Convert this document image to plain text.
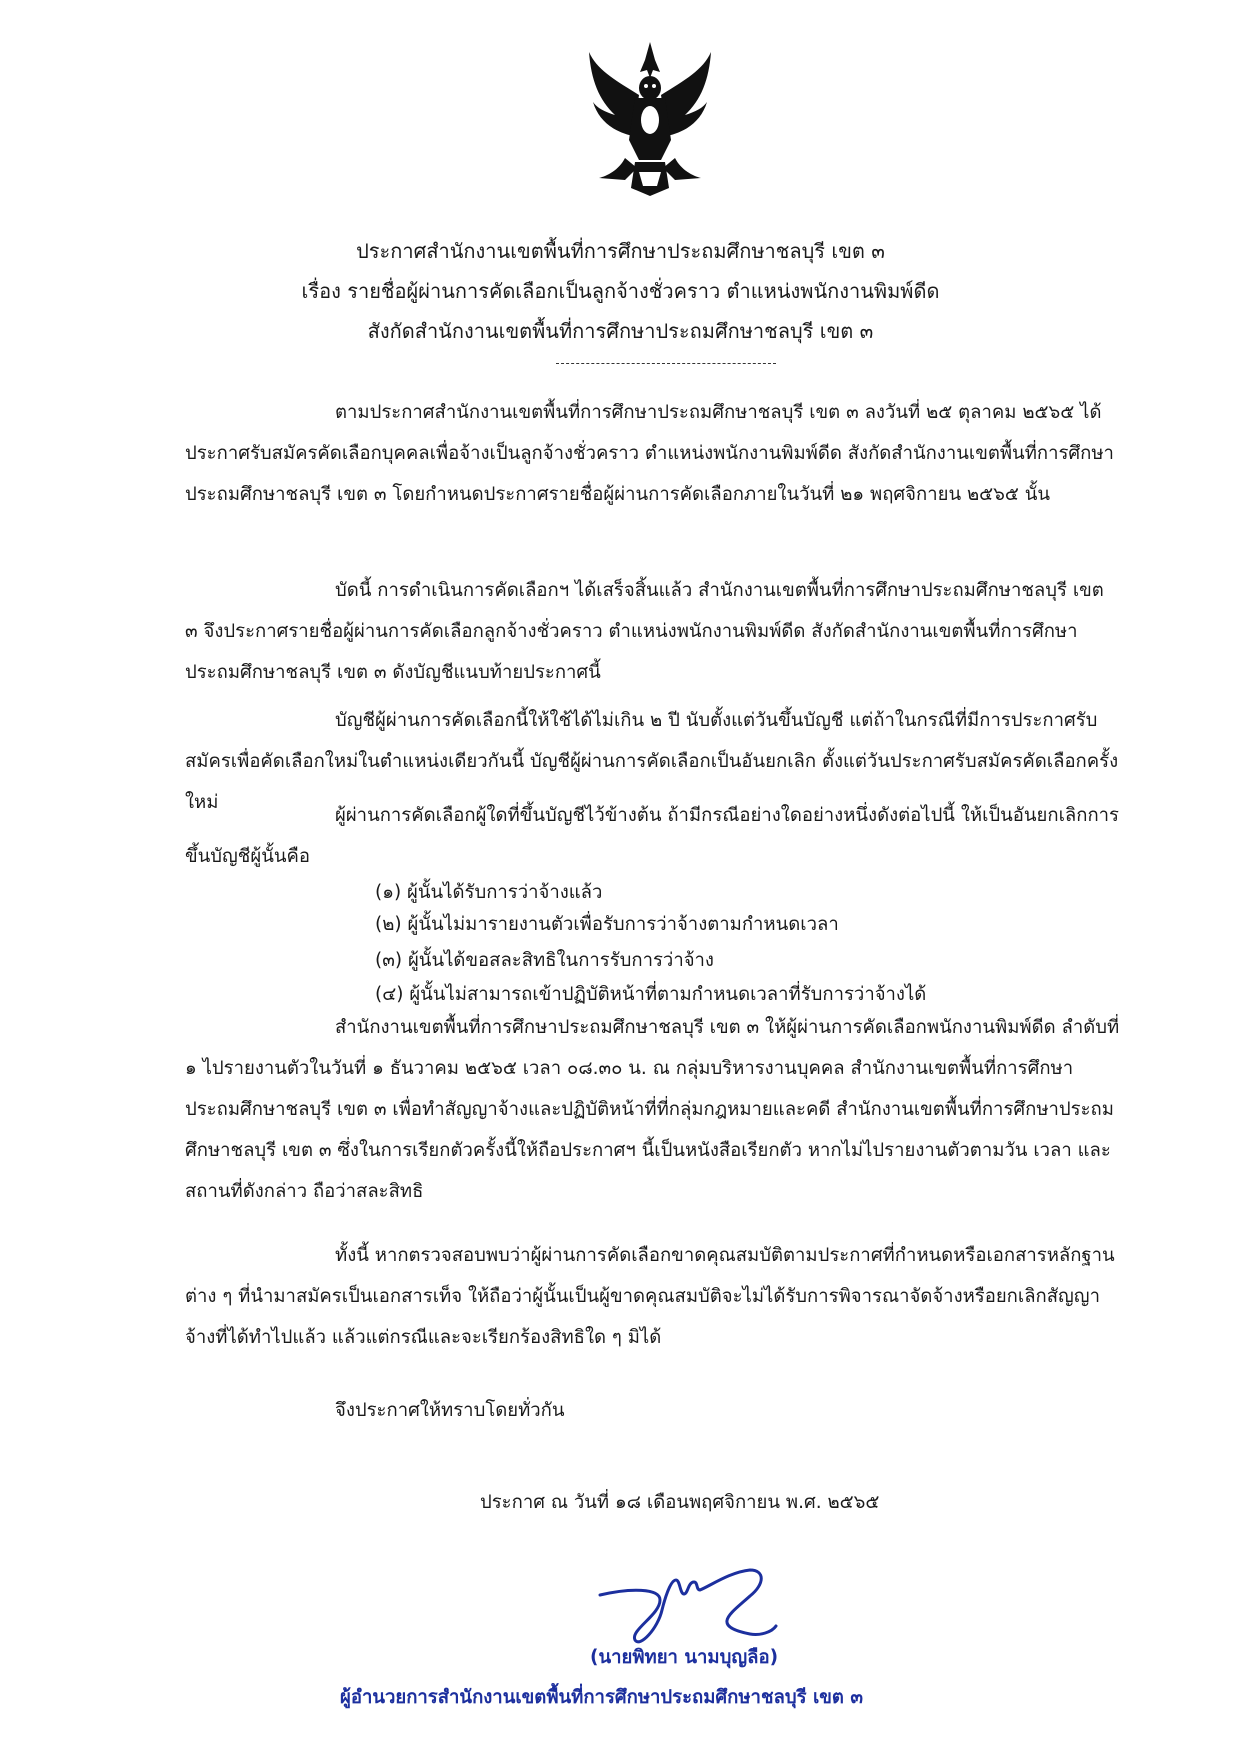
ประกาศสำนักงานเขตพื้นที่การศึกษาประถมศึกษาชลบุรี เขต ๓
เรื่อง รายชื่อผู้ผ่านการคัดเลือกเป็นลูกจ้างชั่วคราว ตำแหน่งพนักงานพิมพ์ดีด
สังกัดสำนักงานเขตพื้นที่การศึกษาประถมศึกษาชลบุรี เขต ๓
ตามประกาศสำนักงานเขตพื้นที่การศึกษาประถมศึกษาชลบุรี เขต ๓ ลงวันที่ ๒๕ ตุลาคม ๒๕๖๕ ได้ประกาศรับสมัครคัดเลือกบุคคลเพื่อจ้างเป็นลูกจ้างชั่วคราว ตำแหน่งพนักงานพิมพ์ดีด สังกัดสำนักงานเขตพื้นที่การศึกษาประถมศึกษาชลบุรี เขต ๓ โดยกำหนดประกาศรายชื่อผู้ผ่านการคัดเลือกภายในวันที่ ๒๑ พฤศจิกายน ๒๕๖๕ นั้น
บัดนี้ การดำเนินการคัดเลือกฯ ได้เสร็จสิ้นแล้ว สำนักงานเขตพื้นที่การศึกษาประถมศึกษาชลบุรี เขต ๓ จึงประกาศรายชื่อผู้ผ่านการคัดเลือกลูกจ้างชั่วคราว ตำแหน่งพนักงานพิมพ์ดีด สังกัดสำนักงานเขตพื้นที่การศึกษาประถมศึกษาชลบุรี เขต ๓ ดังบัญชีแนบท้ายประกาศนี้
บัญชีผู้ผ่านการคัดเลือกนี้ให้ใช้ได้ไม่เกิน ๒ ปี นับตั้งแต่วันขึ้นบัญชี แต่ถ้าในกรณีที่มีการประกาศรับสมัครเพื่อคัดเลือกใหม่ในตำแหน่งเดียวกันนี้ บัญชีผู้ผ่านการคัดเลือกเป็นอันยกเลิก ตั้งแต่วันประกาศรับสมัครคัดเลือกครั้งใหม่
ผู้ผ่านการคัดเลือกผู้ใดที่ขึ้นบัญชีไว้ข้างต้น ถ้ามีกรณีอย่างใดอย่างหนึ่งดังต่อไปนี้ ให้เป็นอันยกเลิกการขึ้นบัญชีผู้นั้นคือ
(๑) ผู้นั้นได้รับการว่าจ้างแล้ว
(๒) ผู้นั้นไม่มารายงานตัวเพื่อรับการว่าจ้างตามกำหนดเวลา
(๓) ผู้นั้นได้ขอสละสิทธิในการรับการว่าจ้าง
(๔) ผู้นั้นไม่สามารถเข้าปฏิบัติหน้าที่ตามกำหนดเวลาที่รับการว่าจ้างได้
สำนักงานเขตพื้นที่การศึกษาประถมศึกษาชลบุรี เขต ๓ ให้ผู้ผ่านการคัดเลือกพนักงานพิมพ์ดีด ลำดับที่ ๑ ไปรายงานตัวในวันที่ ๑ ธันวาคม ๒๕๖๕ เวลา ๐๘.๓๐ น. ณ กลุ่มบริหารงานบุคคล สำนักงานเขตพื้นที่การศึกษาประถมศึกษาชลบุรี เขต ๓ เพื่อทำสัญญาจ้างและปฏิบัติหน้าที่ที่กลุ่มกฎหมายและคดี สำนักงานเขตพื้นที่การศึกษาประถมศึกษาชลบุรี เขต ๓ ซึ่งในการเรียกตัวครั้งนี้ให้ถือประกาศฯ นี้เป็นหนังสือเรียกตัว หากไม่ไปรายงานตัวตามวัน เวลา และสถานที่ดังกล่าว ถือว่าสละสิทธิ
ทั้งนี้ หากตรวจสอบพบว่าผู้ผ่านการคัดเลือกขาดคุณสมบัติตามประกาศที่กำหนดหรือเอกสารหลักฐานต่าง ๆ ที่นำมาสมัครเป็นเอกสารเท็จ ให้ถือว่าผู้นั้นเป็นผู้ขาดคุณสมบัติจะไม่ได้รับการพิจารณาจัดจ้างหรือยกเลิกสัญญาจ้างที่ได้ทำไปแล้ว แล้วแต่กรณีและจะเรียกร้องสิทธิใด ๆ มิได้
จึงประกาศให้ทราบโดยทั่วกัน
ประกาศ ณ วันที่ ๑๘ เดือนพฤศจิกายน พ.ศ. ๒๕๖๕
(นายพิทยา นามบุญลือ)
ผู้อำนวยการสำนักงานเขตพื้นที่การศึกษาประถมศึกษาชลบุรี เขต ๓
